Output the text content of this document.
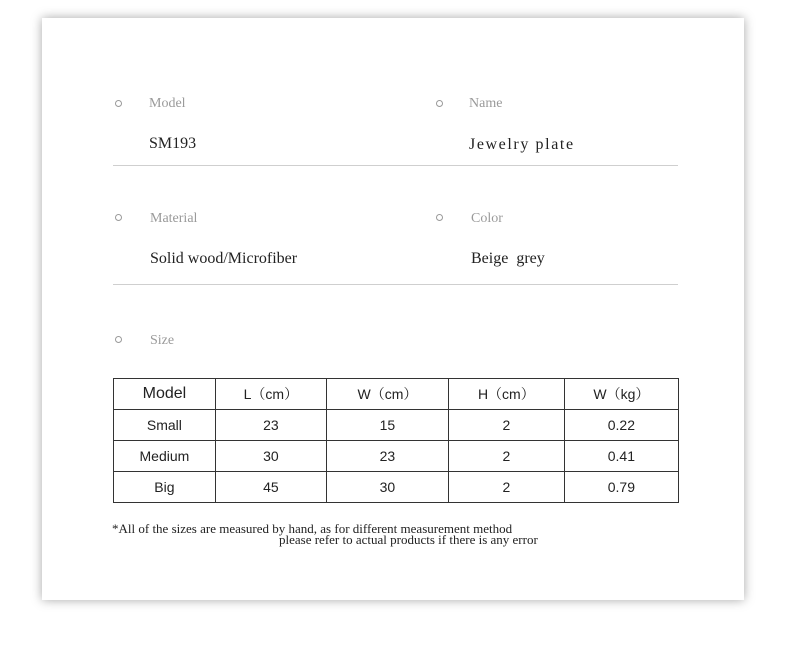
Model
SM193
Name
Jewelry plate
Material
Solid wood/Microfiber
Color
Beige  grey
Size
Model	L（cm）	W（cm）	H（cm）	W（kg）
Small	23	15	2	0.22
Medium	30	23	2	0.41
Big	45	30	2	0.79
*All of the sizes are measured by hand, as for different measurement method
please refer to actual products if there is any error
